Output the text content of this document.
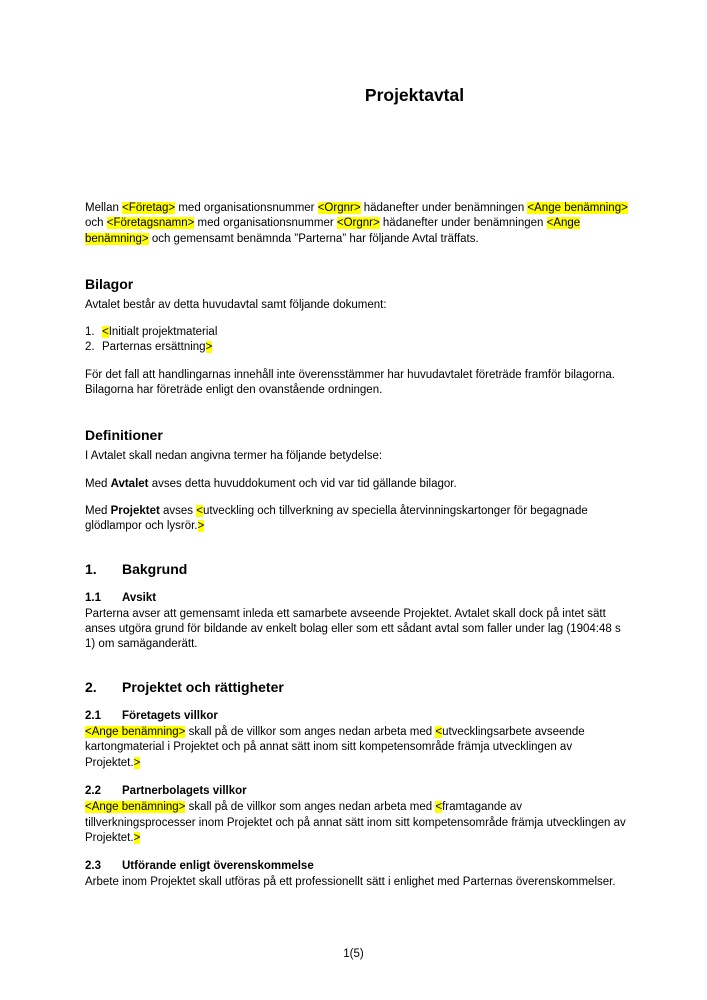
Projektavtal

Mellan <Företag> med organisationsnummer <Orgnr> hädanefter under benämningen <Ange benämning> och <Företagsnamn> med organisationsnummer <Orgnr> hädanefter under benämningen <Ange benämning> och gemensamt benämnda ”Parterna” har följande Avtal träffats.

Bilagor

Avtalet består av detta huvudavtal samt följande dokument:

1. <Initialt projektmaterial
2. Parternas ersättning>

För det fall att handlingarnas innehåll inte överensstämmer har huvudavtalet företräde framför bilagorna. Bilagorna har företräde enligt den ovanstående ordningen.

Definitioner

I Avtalet skall nedan angivna termer ha följande betydelse:

Med Avtalet avses detta huvuddokument och vid var tid gällande bilagor.

Med Projektet avses <utveckling och tillverkning av speciella återvinningskartonger för begagnade glödlampor och lysrör.>

1. Bakgrund
1.1 Avsikt

Parterna avser att gemensamt inleda ett samarbete avseende Projektet. Avtalet skall dock på intet sätt anses utgöra grund för bildande av enkelt bolag eller som ett sådant avtal som faller under lag (1904:48 s 1) om samäganderätt.

2. Projektet och rättigheter
2.1 Företagets villkor

<Ange benämning> skall på de villkor som anges nedan arbeta med <utvecklingsarbete avseende kartongmaterial i Projektet och på annat sätt inom sitt kompetensområde främja utvecklingen av Projektet.>

2.2 Partnerbolagets villkor

<Ange benämning> skall på de villkor som anges nedan arbeta med <framtagande av tillverkningsprocesser inom Projektet och på annat sätt inom sitt kompetensområde främja utvecklingen av Projektet.>

2.3 Utförande enligt överenskommelse

Arbete inom Projektet skall utföras på ett professionellt sätt i enlighet med Parternas överenskommelser.

1(5)
